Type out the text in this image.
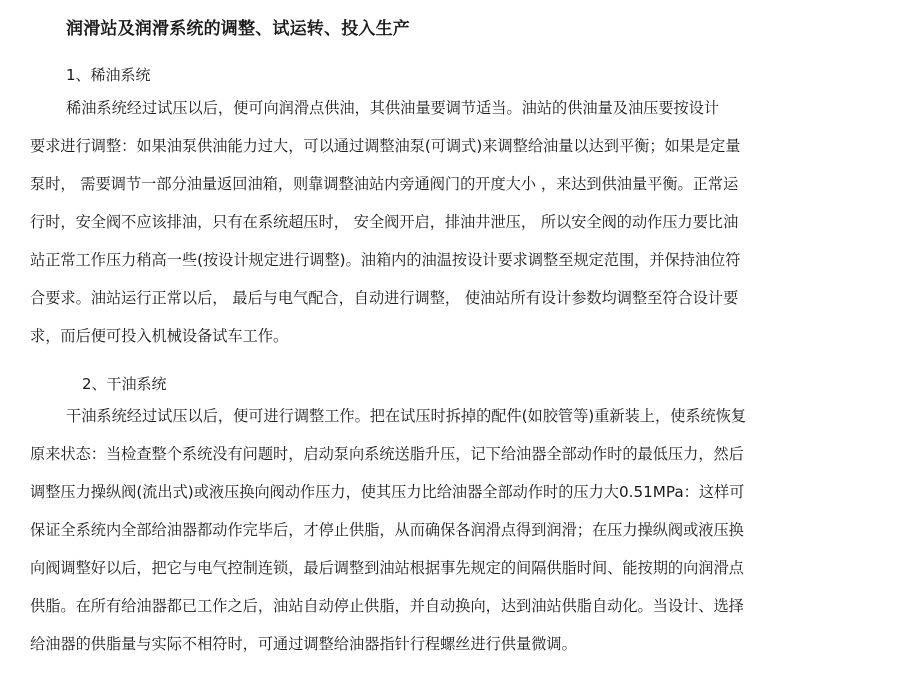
润滑站及润滑系统的调整、试运转、投入生产
1、稀油系统
稀油系统经过试压以后，便可向润滑点供油，其供油量要调节适当。油站的供油量及油压要按设计
要求进行调整：如果油泵供油能力过大，可以通过调整油泵(可调式)来调整给油量以达到平衡；如果是定量
泵时， 需要调节一部分油量返回油箱，则靠调整油站内旁通阀门的开度大小 ，来达到供油量平衡。正常运
行时，安全阀不应该排油，只有在系统超压时， 安全阀开启，排油井泄压， 所以安全阀的动作压力要比油
站正常工作压力稍高一些(按设计规定进行调整)。油箱内的油温按设计要求调整至规定范围，并保持油位符
合要求。油站运行正常以后， 最后与电气配合，自动进行调整， 使油站所有设计参数均调整至符合设计要
求，而后便可投入机械设备试车工作。
2、干油系统
干油系统经过试压以后，便可进行调整工作。把在试压时拆掉的配件(如胶管等)重新装上，使系统恢复
原来状态：当检查整个系统没有问题时，启动泵向系统送脂升压，记下给油器全部动作时的最低压力，然后
调整压力操纵阀(流出式)或液压换向阀动作压力，使其压力比给油器全部动作时的压力大0.51MPa：这样可
保证全系统内全部给油器都动作完毕后，才停止供脂，从而确保各润滑点得到润滑；在压力操纵阀或液压换
向阀调整好以后，把它与电气控制连锁，最后调整到油站根据事先规定的间隔供脂时间、能按期的向润滑点
供脂。在所有给油器都已工作之后，油站自动停止供脂，并自动换向，达到油站供脂自动化。当设计、选择
给油器的供脂量与实际不相符时，可通过调整给油器指针行程螺丝进行供量微调。
